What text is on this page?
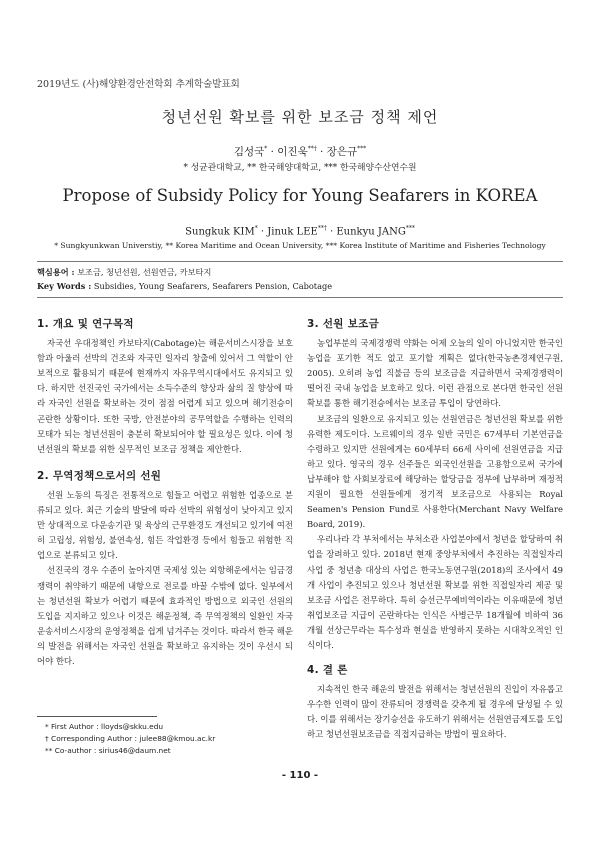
2019년도 (사)해양환경안전학회 추계학술발표회
청년선원 확보를 위한 보조금 정책 제언
김성국* · 이진욱**† · 장은규***
* 성균관대학교, ** 한국해양대학교, *** 한국해양수산연수원
Propose of Subsidy Policy for Young Seafarers in KOREA
Sungkuk KIM* · Jinuk LEE**† · Eunkyu JANG***
* Sungkyunkwan Universtiy, ** Korea Maritime and Ocean University, *** Korea Institute of Maritime and Fisheries Technology
핵심용어 : 보조금, 청년선원, 선원연금, 카보타지
Key Words : Subsidies, Young Seafarers, Seafarers Pension, Cabotage
1. 개요 및 연구목적

자국선 우대정책인 카보타지(Cabotage)는 해운서비스시장을 보호함과 아울러 선박의 건조와 자국민 일자리 창출에 있어서 그 역할이 안보적으로 활용되기 때문에 현재까지 자유무역시대에서도 유지되고 있다. 하지만 선진국인 국가에서는 소득수준의 향상과 삶의 질 향상에 따라 자국인 선원을 확보하는 것이 점점 어렵게 되고 있으며 해기전승이 곤란한 상황이다. 또한 국방, 안전분야의 공무역할을 수행하는 인력의 모태가 되는 청년선원이 충분히 확보되어야 할 필요성은 있다. 이에 청년선원의 확보를 위한 실무적인 보조금 정책을 제안한다.

2. 무역정책으로서의 선원

선원 노동의 특징은 전통적으로 힘들고 어렵고 위험한 업종으로 분류되고 있다. 최근 기술의 발달에 따라 선박의 위험성이 낮아지고 있지만 상대적으로 다운송기관 및 육상의 근무환경도 개선되고 있기에 여전히 고립성, 위험성, 불연속성, 힘든 작업환경 등에서 힘들고 위험한 직업으로 분류되고 있다.

선진국의 경우 수준이 높아지면 국제성 있는 외항해운에서는 임금경쟁력이 취약하기 때문에 내항으로 전로를 바꿀 수밖에 없다. 일부에서는 청년선원 확보가 어렵기 때문에 효과적인 방법으로 외국인 선원의 도입을 지지하고 있으나 이것은 해운정책, 즉 무역정책의 일환인 자국 운송서비스시장의 운영정책을 쉽게 넘겨주는 것이다. 따라서 한국 해운의 발전을 위해서는 자국인 선원을 확보하고 유지하는 것이 우선시 되어야 한다.

3. 선원 보조금

농업부분의 국제경쟁력 약화는 어제 오늘의 일이 아니었지만 한국인 농업을 포기한 적도 없고 포기할 계획은 없다(한국농촌경제연구원, 2005). 오히려 농업 직불금 등의 보조금을 지급하면서 국제경쟁력이 떨어진 국내 농업을 보호하고 있다. 이런 관점으로 본다면 한국인 선원확보를 통한 해기전승에서는 보조금 투입이 당연하다.

보조금의 일환으로 유지되고 있는 선원연금은 청년선원 확보를 위한 유력한 제도이다. 노르웨이의 경우 일반 국민은 67세부터 기본연금을 수령하고 있지만 선원에게는 60세부터 66세 사이에 선원연금을 지급하고 있다. 영국의 경우 선주들은 외국인선원을 고용함으로써 국가에 납부해야 할 사회보장료에 해당하는 할당금을 정부에 납부하며 재정적 지원이 필요한 선원들에게 정기적 보조금으로 사용되는 Royal Seamen's Pension Fund로 사용한다(Merchant Navy Welfare Board, 2019).

우리나라 각 부처에서는 부처소관 사업분야에서 청년을 할당하여 취업을 장려하고 있다. 2018년 현재 중앙부처에서 추진하는 직접일자리사업 중 청년층 대상의 사업은 한국노동연구원(2018)의 조사에서 49개 사업이 추진되고 있으나 청년선원 확보를 위한 직접일자리 제공 및 보조금 사업은 전무하다. 특히 승선근무예비역이라는 이유때문에 청년취업보조금 지급이 곤란하다는 인식은 사병근무 18개월에 비하여 36개월 선상근무라는 특수성과 현실을 반영하지 못하는 시대착오적인 인식이다.

4. 결 론

지속적인 한국 해운의 발전을 위해서는 청년선원의 진입이 자유롭고 우수한 인력이 많이 잔류되어 경쟁력을 갖추게 될 경우에 달성될 수 있다. 이를 위해서는 장기승선을 유도하기 위해서는 선원연금제도를 도입하고 청년선원보조금을 직접지급하는 방법이 필요하다.

* First Author : lloyds@skku.edu
† Corresponding Author : julee88@kmou.ac.kr
** Co-author : sirius46@daum.net
- 110 -
